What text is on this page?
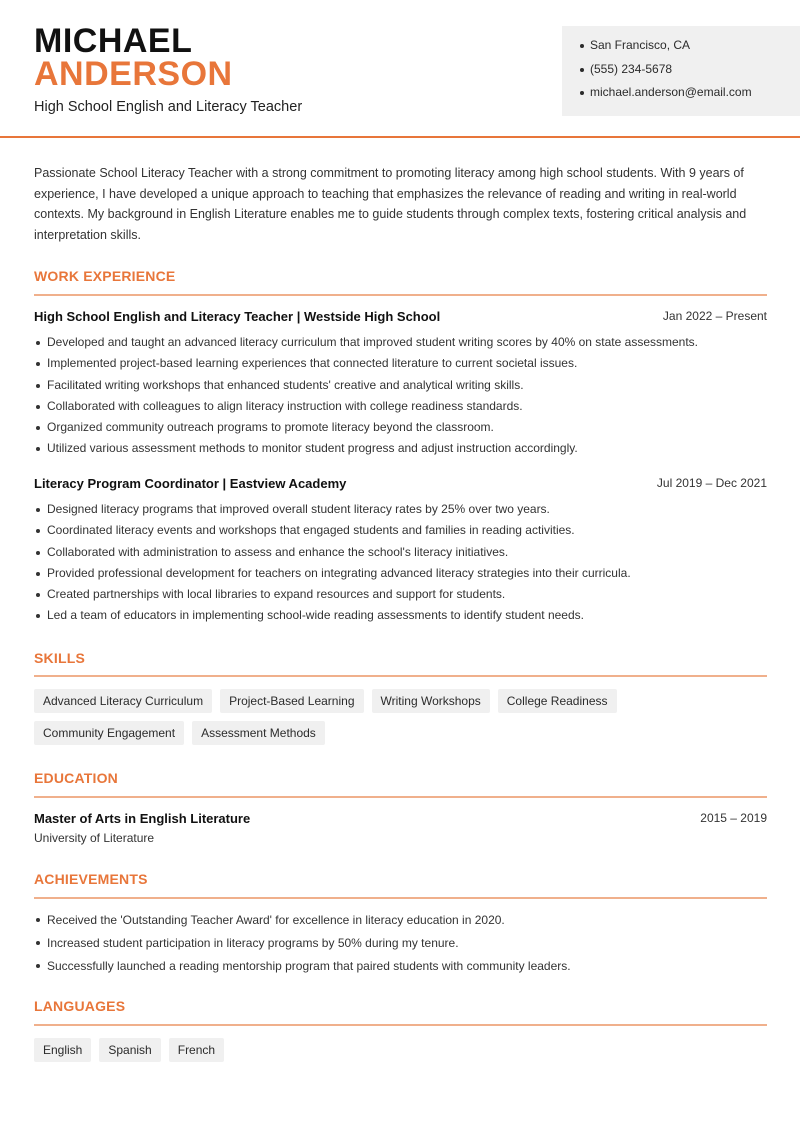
MICHAEL
ANDERSON
High School English and Literacy Teacher
San Francisco, CA
(555) 234-5678
michael.anderson@email.com

Passionate School Literacy Teacher with a strong commitment to promoting literacy among high school students. With 9 years of experience, I have developed a unique approach to teaching that emphasizes the relevance of reading and writing in real-world contexts. My background in English Literature enables me to guide students through complex texts, fostering critical analysis and interpretation skills.

WORK EXPERIENCE
High School English and Literacy Teacher | Westside High School	Jan 2022 – Present
Developed and taught an advanced literacy curriculum that improved student writing scores by 40% on state assessments.
Implemented project-based learning experiences that connected literature to current societal issues.
Facilitated writing workshops that enhanced students' creative and analytical writing skills.
Collaborated with colleagues to align literacy instruction with college readiness standards.
Organized community outreach programs to promote literacy beyond the classroom.
Utilized various assessment methods to monitor student progress and adjust instruction accordingly.
Literacy Program Coordinator | Eastview Academy	Jul 2019 – Dec 2021
Designed literacy programs that improved overall student literacy rates by 25% over two years.
Coordinated literacy events and workshops that engaged students and families in reading activities.
Collaborated with administration to assess and enhance the school's literacy initiatives.
Provided professional development for teachers on integrating advanced literacy strategies into their curricula.
Created partnerships with local libraries to expand resources and support for students.
Led a team of educators in implementing school-wide reading assessments to identify student needs.
SKILLS
Advanced Literacy Curriculum	Project-Based Learning	Writing Workshops	College Readiness
Community Engagement	Assessment Methods
EDUCATION
Master of Arts in English Literature
University of Literature
2015 – 2019
ACHIEVEMENTS
Received the 'Outstanding Teacher Award' for excellence in literacy education in 2020.
Increased student participation in literacy programs by 50% during my tenure.
Successfully launched a reading mentorship program that paired students with community leaders.
LANGUAGES
English	Spanish	French
